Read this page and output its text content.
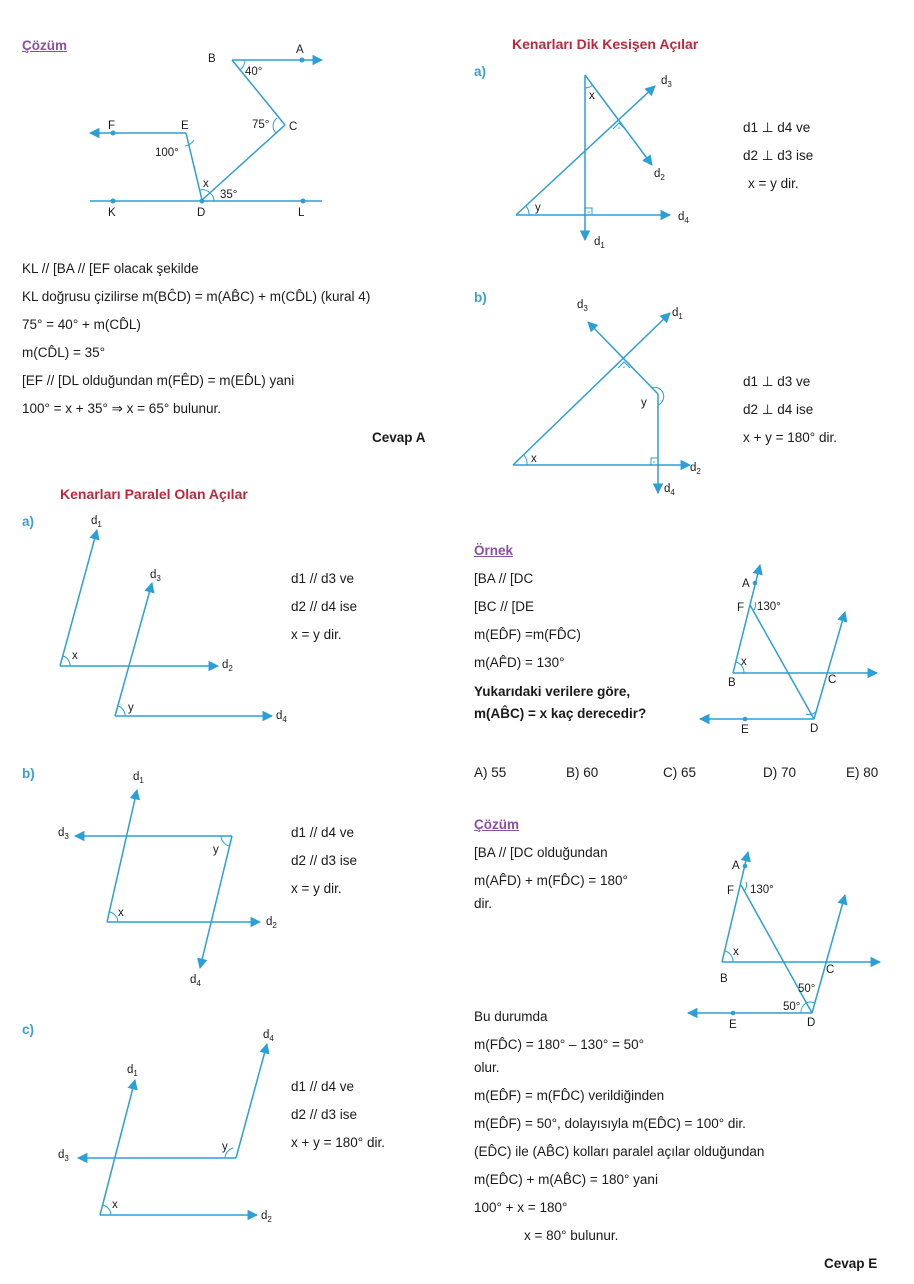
Çözüm
B
A
40°
C
75°
F	E
100°
x
35°
K	D	L
x
y
$d_1$
$d_3$
$d_2$
$d_4$
x
y
$d_1$
$d_3$
$d_2$
$d_4$
x
y
$d_1$
$d_4$
$d_3$
$d_2$
y
x
$d_3$
$d_2$
$d_4$
$d_1$
x
y
$d_3$	$d_1$
$d_2$
$d_4$
A
F 130°
x
B	C
D
E
A
F 130°
x
B
C
50°
50°
D
E
KL // [BA // [EF olacak şekilde
KL doğrusu çizilirse m(BĈD) = m(AB̂C) + m(CD̂L) (kural 4)
75° = 40° + m(CD̂L)
m(CD̂L) = 35°
[EF // [DL olduğundan m(FÊD) = m(ED̂L) yani
100° = x + 35° ⇒ x = 65° bulunur.
Cevap A
Kenarları Paralel Olan Açılar
a)
b)
c)
d1 // d3 ve
d2 // d4 ise
x = y dir.
d1 // d4 ve
d2 // d3 ise
x = y dir.
d1 // d4 ve
d2 // d3 ise
x + y = 180° dir.
Kenarları Dik Kesişen Açılar
a)
b)
d1 ⊥ d4 ve
d2 ⊥ d3 ise
x = y dir.
d1 ⊥ d3 ve
d2 ⊥ d4 ise
x + y = 180° dir.
Örnek
[BA // [DC
[BC // [DE
m(ED̂F) =m(FD̂C)
m(AF̂D) = 130°
Yukarıdaki verilere göre,
m(AB̂C) = x kaç derecedir?
A) 55	B) 60	C) 65	D) 70	E) 80
Çözüm
[BA // [DC olduğundan
m(AF̂D) + m(FD̂C) = 180°
dir.
Bu durumda
m(FD̂C) = 180° – 130° = 50°
olur.
m(ED̂F) = m(FD̂C) verildiğinden
m(ED̂F) = 50°, dolayısıyla m(ED̂C) = 100° dir.
(ED̂C) ile (AB̂C) kolları paralel açılar olduğundan
m(ED̂C) + m(AB̂C) = 180° yani
100° + x = 180°
x = 80° bulunur.
Cevap E
